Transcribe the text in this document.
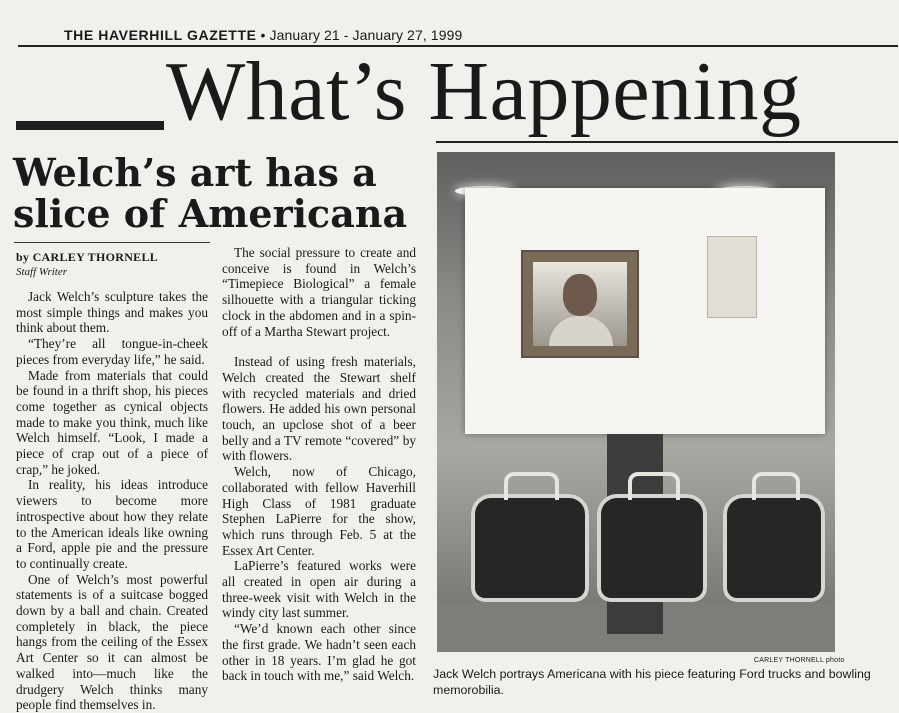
THE HAVERHILL GAZETTE • January 21 - January 27, 1999
What’s Happening
Welch’s art has a
slice of Americana
by CARLEY THORNELL
Staff Writer

Jack Welch’s sculpture takes the most simple things and makes you think about them.

“They’re all tongue-in-cheek pieces from everyday life,” he said.

Made from materials that could be found in a thrift shop, his pieces come together as cynical objects made to make you think, much like Welch himself. “Look, I made a piece of crap out of a piece of crap,” he joked.

In reality, his ideas introduce viewers to become more introspective about how they relate to the American ideals like owning a Ford, apple pie and the pressure to continually create.

One of Welch’s most powerful statements is of a suitcase bogged down by a ball and chain. Created completely in black, the piece hangs from the ceiling of the Essex Art Center so it can almost be walked into—much like the drudgery Welch thinks many people find themselves in.

The social pressure to create and conceive is found in Welch’s “Timepiece Biological” a female silhouette with a triangular ticking clock in the abdomen and in a spin-off of a Martha Stewart project.

Instead of using fresh materials, Welch created the Stewart shelf with recycled materials and dried flowers. He added his own personal touch, an upclose shot of a beer belly and a TV remote “covered” by with flowers.

Welch, now of Chicago, collaborated with fellow Haverhill High Class of 1981 graduate Stephen LaPierre for the show, which runs through Feb. 5 at the Essex Art Center.

LaPierre’s featured works were all created in open air during a three-week visit with Welch in the windy city last summer.

“We’d known each other since the first grade. We hadn’t seen each other in 18 years. I’m glad he got back in touch with me,” said Welch.

CARLEY THORNELL photo
Jack Welch portrays Americana with his piece featuring Ford trucks and bowling memorobilia.
